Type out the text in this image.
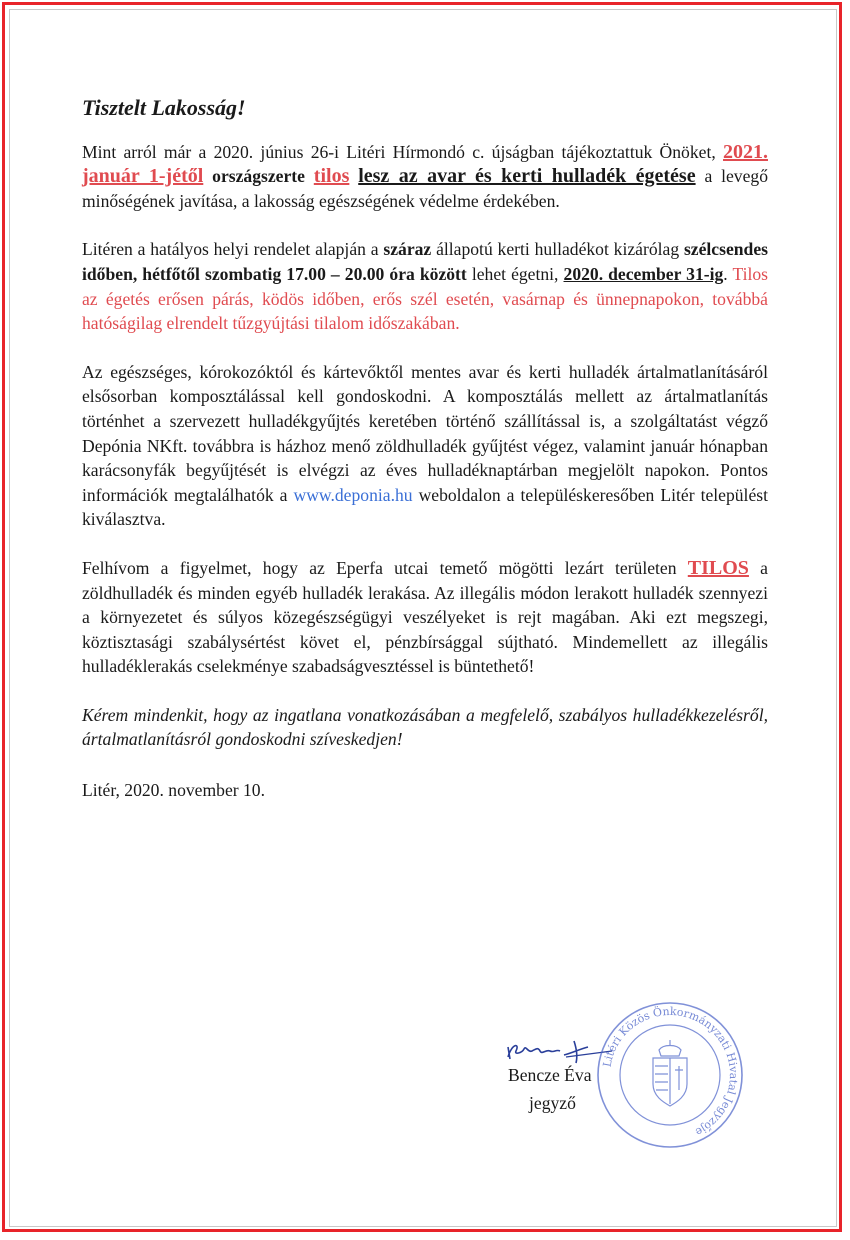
Tisztelt Lakosság!

Mint arról már a 2020. június 26-i Litéri Hírmondó c. újságban tájékoztattuk Önöket, 2021. január 1-jétől országszerte tilos lesz az avar és kerti hulladék égetése a levegő minőségének javítása, a lakosság egészségének védelme érdekében.

Litéren a hatályos helyi rendelet alapján a száraz állapotú kerti hulladékot kizárólag szélcsendes időben, hétfőtől szombatig 17.00 – 20.00 óra között lehet égetni, 2020. december 31-ig. Tilos az égetés erősen párás, ködös időben, erős szél esetén, vasárnap és ünnepnapokon, továbbá hatóságilag elrendelt tűzgyújtási tilalom időszakában.

Az egészséges, kórokozóktól és kártevőktől mentes avar és kerti hulladék ártalmatlanításáról elsősorban komposztálással kell gondoskodni. A komposztálás mellett az ártalmatlanítás történhet a szervezett hulladékgyűjtés keretében történő szállítással is, a szolgáltatást végző Depónia NKft. továbbra is házhoz menő zöldhulladék gyűjtést végez, valamint január hónapban karácsonyfák begyűjtését is elvégzi az éves hulladéknaptárban megjelölt napokon. Pontos információk megtalálhatók a www.deponia.hu weboldalon a településkeresőben Litér települést kiválasztva.

Felhívom a figyelmet, hogy az Eperfa utcai temető mögötti lezárt területen TILOS a zöldhulladék és minden egyéb hulladék lerakása. Az illegális módon lerakott hulladék szennyezi a környezetet és súlyos közegészségügyi veszélyeket is rejt magában. Aki ezt megszegi, köztisztasági szabálysértést követ el, pénzbírsággal sújtható. Mindemellett az illegális hulladéklerakás cselekménye szabadságvesztéssel is büntethető!

Kérem mindenkit, hogy az ingatlana vonatkozásában a megfelelő, szabályos hulladékkezelésről, ártalmatlanításról gondoskodni szíveskedjen!

Litér, 2020. november 10.

Bencze Éva
jegyző
Litéri Közös Önkormányzati Hivatal Jegyzője
